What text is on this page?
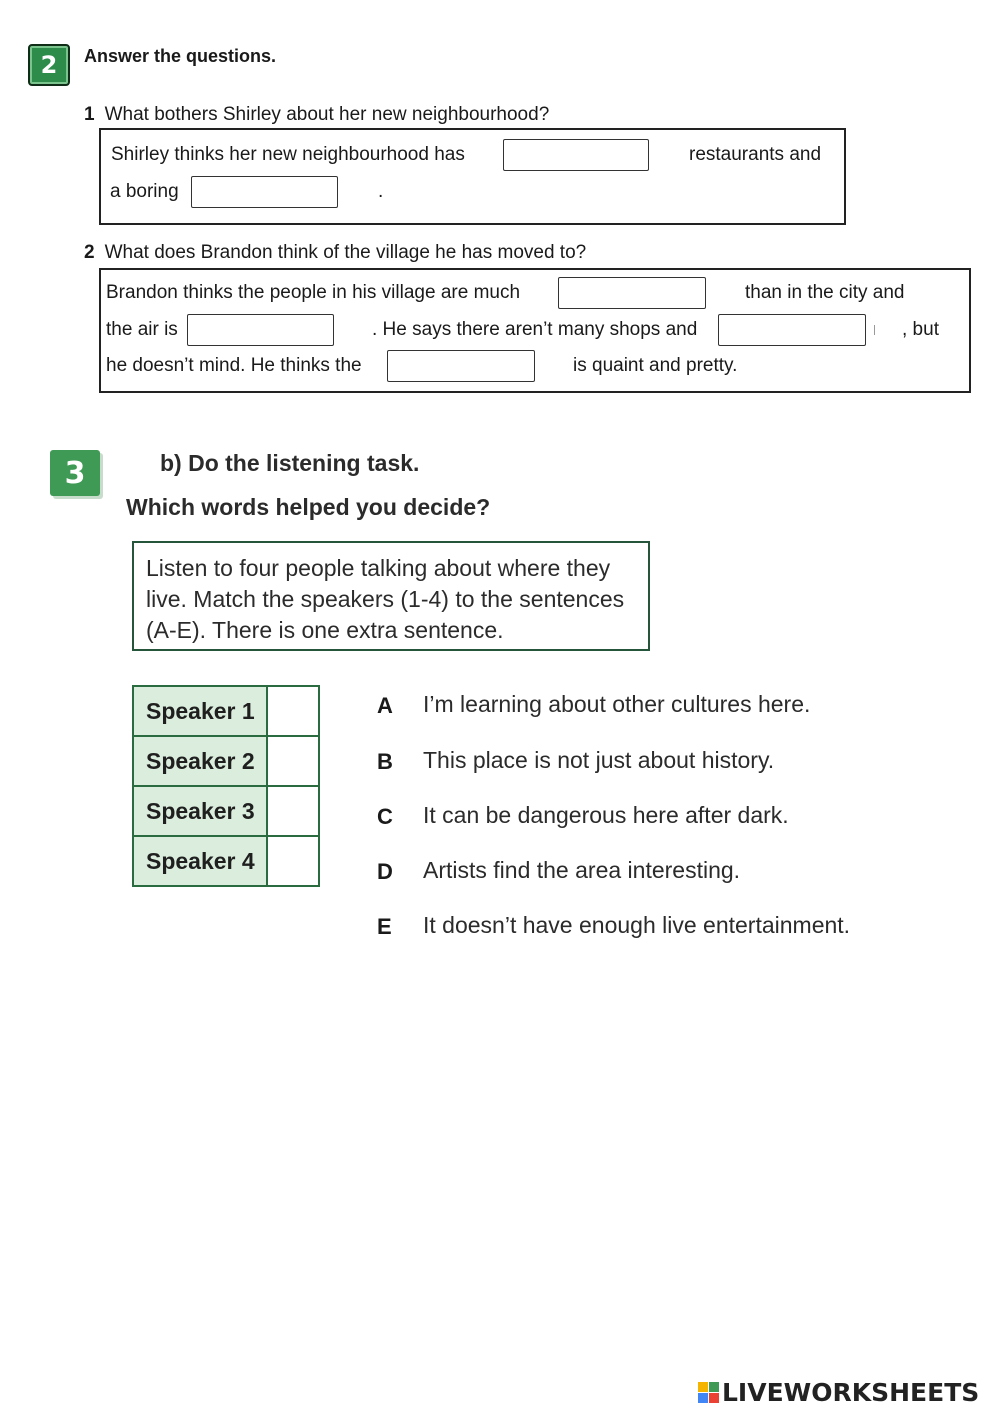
2	Answer the questions.
1 What bothers Shirley about her new neighbourhood?
Shirley thinks her new neighbourhood has	restaurants and
a boring	.
2 What does Brandon think of the village he has moved to?
Brandon thinks the people in his village are much	than in the city and
the air is	. He says there aren’t many shops and	, but
he doesn’t mind. He thinks the	is quaint and pretty.
3	b) Do the listening task.
Which words helped you decide?
Listen to four people talking about where they live. Match the speakers (1-4) to the sentences (A-E). There is one extra sentence.
Speaker 1	
Speaker 2	
Speaker 3	
Speaker 4	
A I’m learning about other cultures here.
B This place is not just about history.
C It can be dangerous here after dark.
D Artists find the area interesting.
E It doesn’t have enough live entertainment.
LIVEWORKSHEETS
